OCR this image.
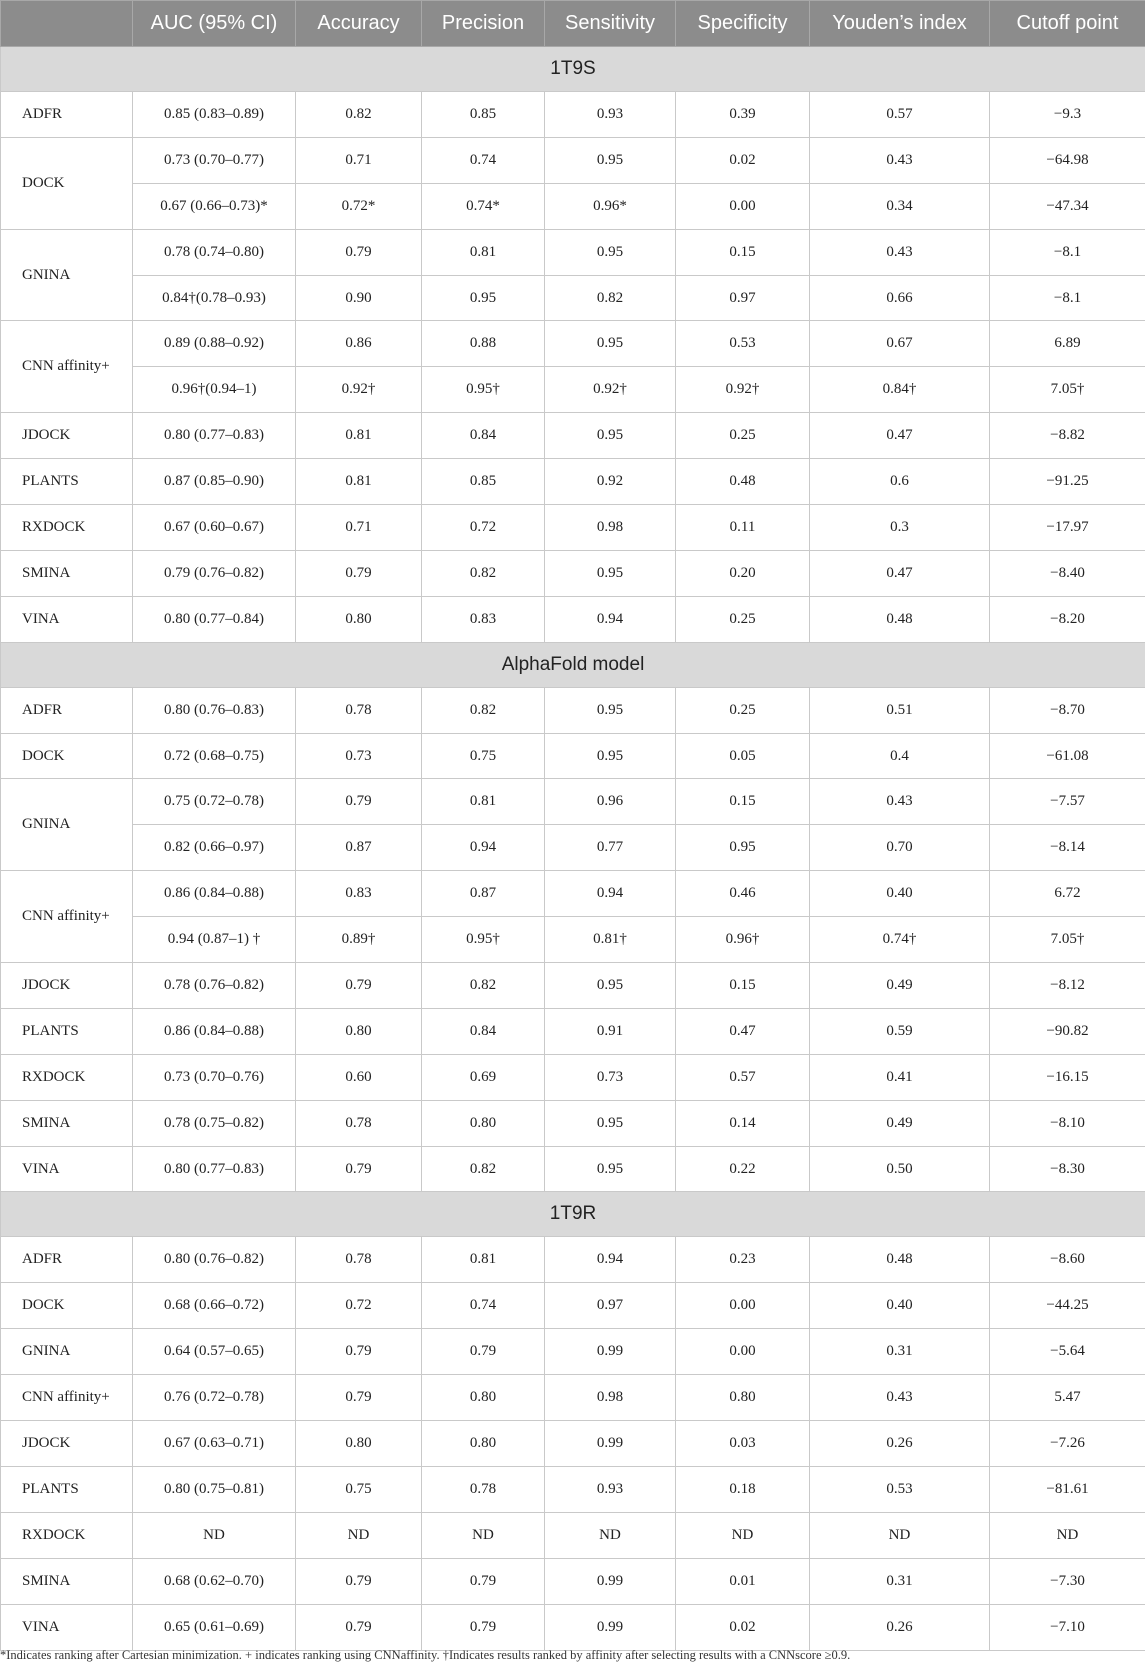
	AUC (95% CI)	Accuracy	Precision	Sensitivity	Specificity	Youden’s index	Cutoff point
1T9S							
ADFR	0.85 (0.83–0.89)	0.82	0.85	0.93	0.39	0.57	−9.3
DOCK	0.73 (0.70–0.77)	0.71	0.74	0.95	0.02	0.43	−64.98
	0.67 (0.66–0.73)*	0.72*	0.74*	0.96*	0.00	0.34	−47.34
GNINA	0.78 (0.74–0.80)	0.79	0.81	0.95	0.15	0.43	−8.1
	0.84†(0.78–0.93)	0.90	0.95	0.82	0.97	0.66	−8.1
CNN affinity+	0.89 (0.88–0.92)	0.86	0.88	0.95	0.53	0.67	6.89
	0.96†(0.94–1)	0.92†	0.95†	0.92†	0.92†	0.84†	7.05†
JDOCK	0.80 (0.77–0.83)	0.81	0.84	0.95	0.25	0.47	−8.82
PLANTS	0.87 (0.85–0.90)	0.81	0.85	0.92	0.48	0.6	−91.25
RXDOCK	0.67 (0.60–0.67)	0.71	0.72	0.98	0.11	0.3	−17.97
SMINA	0.79 (0.76–0.82)	0.79	0.82	0.95	0.20	0.47	−8.40
VINA	0.80 (0.77–0.84)	0.80	0.83	0.94	0.25	0.48	−8.20
AlphaFold model							
ADFR	0.80 (0.76–0.83)	0.78	0.82	0.95	0.25	0.51	−8.70
DOCK	0.72 (0.68–0.75)	0.73	0.75	0.95	0.05	0.4	−61.08
GNINA	0.75 (0.72–0.78)	0.79	0.81	0.96	0.15	0.43	−7.57
	0.82 (0.66–0.97)	0.87	0.94	0.77	0.95	0.70	−8.14
CNN affinity+	0.86 (0.84–0.88)	0.83	0.87	0.94	0.46	0.40	6.72
	0.94 (0.87–1) †	0.89†	0.95†	0.81†	0.96†	0.74†	7.05†
JDOCK	0.78 (0.76–0.82)	0.79	0.82	0.95	0.15	0.49	−8.12
PLANTS	0.86 (0.84–0.88)	0.80	0.84	0.91	0.47	0.59	−90.82
RXDOCK	0.73 (0.70–0.76)	0.60	0.69	0.73	0.57	0.41	−16.15
SMINA	0.78 (0.75–0.82)	0.78	0.80	0.95	0.14	0.49	−8.10
VINA	0.80 (0.77–0.83)	0.79	0.82	0.95	0.22	0.50	−8.30
1T9R							
ADFR	0.80 (0.76–0.82)	0.78	0.81	0.94	0.23	0.48	−8.60
DOCK	0.68 (0.66–0.72)	0.72	0.74	0.97	0.00	0.40	−44.25
GNINA	0.64 (0.57–0.65)	0.79	0.79	0.99	0.00	0.31	−5.64
CNN affinity+	0.76 (0.72–0.78)	0.79	0.80	0.98	0.80	0.43	5.47
JDOCK	0.67 (0.63–0.71)	0.80	0.80	0.99	0.03	0.26	−7.26
PLANTS	0.80 (0.75–0.81)	0.75	0.78	0.93	0.18	0.53	−81.61
RXDOCK	ND	ND	ND	ND	ND	ND	ND
SMINA	0.68 (0.62–0.70)	0.79	0.79	0.99	0.01	0.31	−7.30
VINA	0.65 (0.61–0.69)	0.79	0.79	0.99	0.02	0.26	−7.10
*Indicates ranking after Cartesian minimization. + indicates ranking using CNNaffinity. †Indicates results ranked by affinity after selecting results with a CNNscore ≥0.9.
